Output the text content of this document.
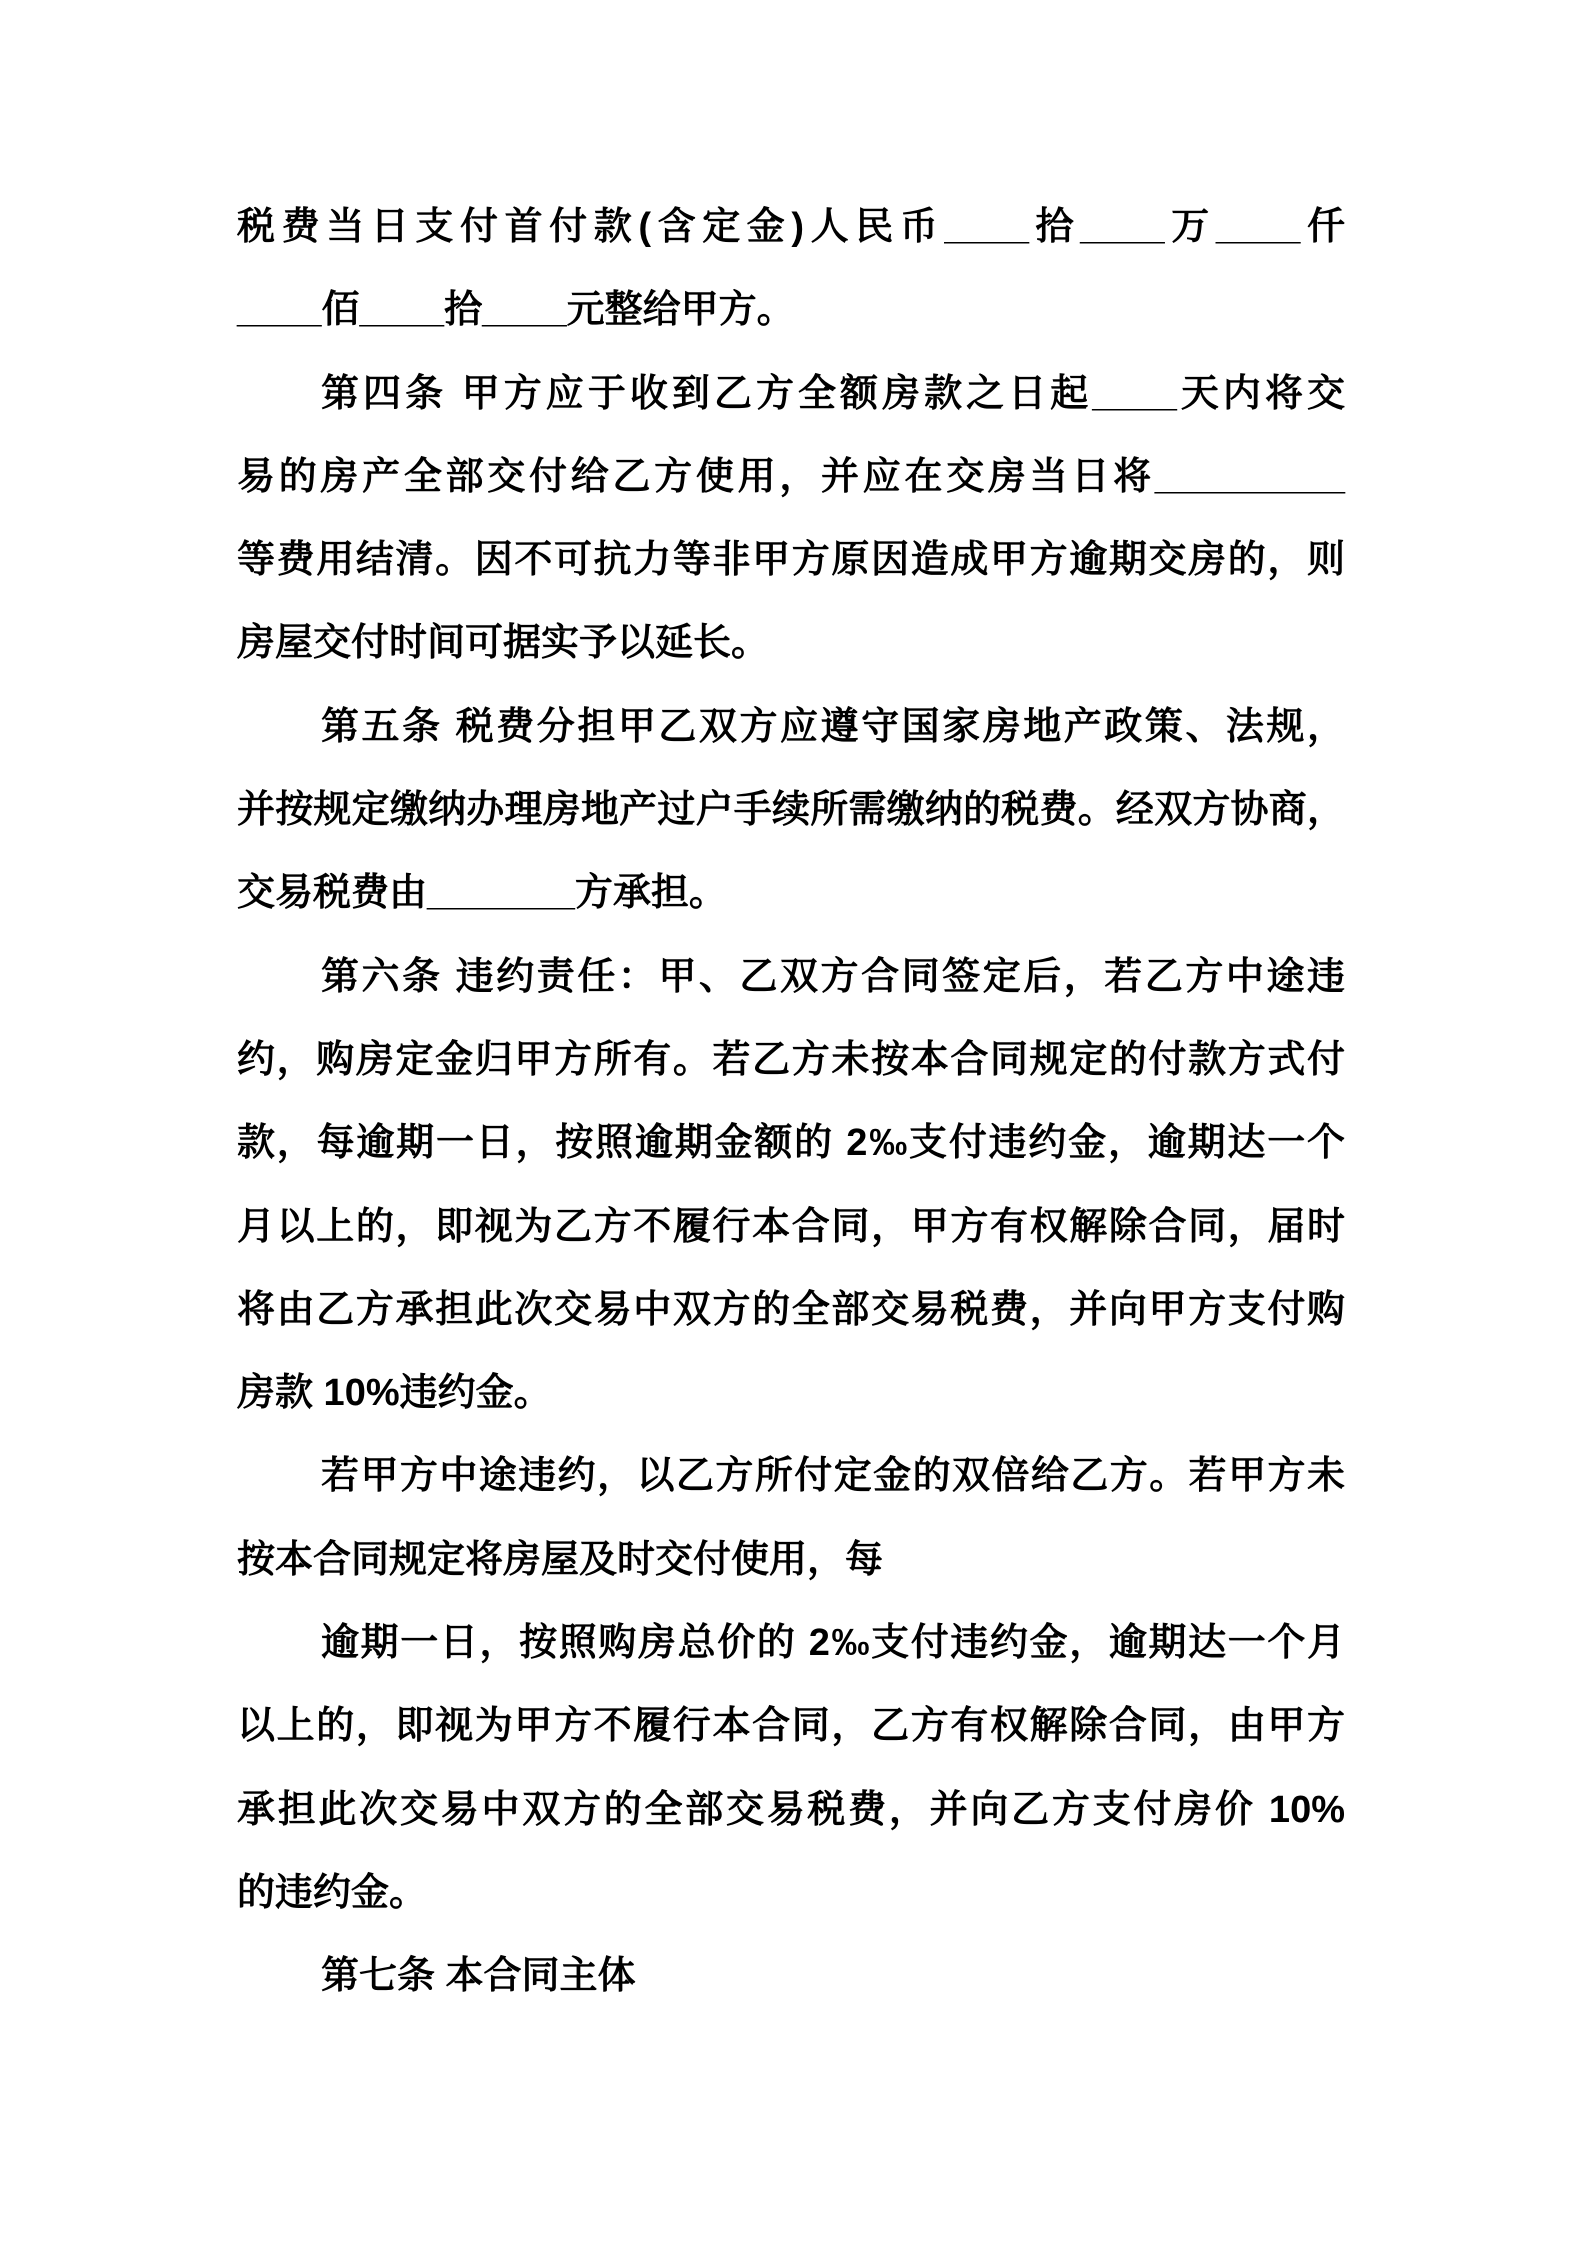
税费当日支付首付款(含定金)人民币____拾____万____仟

____佰____拾____元整给甲方。

第四条 甲方应于收到乙方全额房款之日起____天内将交

易的房产全部交付给乙方使用，并应在交房当日将_________

等费用结清。因不可抗力等非甲方原因造成甲方逾期交房的，则

房屋交付时间可据实予以延长。

第五条 税费分担甲乙双方应遵守国家房地产政策、法规，

并按规定缴纳办理房地产过户手续所需缴纳的税费。经双方协商，

交易税费由_______方承担。

第六条 违约责任：甲、乙双方合同签定后，若乙方中途违

约，购房定金归甲方所有。若乙方未按本合同规定的付款方式付

款，每逾期一日，按照逾期金额的 2‰支付违约金，逾期达一个

月以上的，即视为乙方不履行本合同，甲方有权解除合同，届时

将由乙方承担此次交易中双方的全部交易税费，并向甲方支付购

房款 10%违约金。

若甲方中途违约，以乙方所付定金的双倍给乙方。若甲方未

按本合同规定将房屋及时交付使用，每

逾期一日，按照购房总价的 2‰支付违约金，逾期达一个月

以上的，即视为甲方不履行本合同，乙方有权解除合同，由甲方

承担此次交易中双方的全部交易税费，并向乙方支付房价 10%

的违约金。

第七条 本合同主体
